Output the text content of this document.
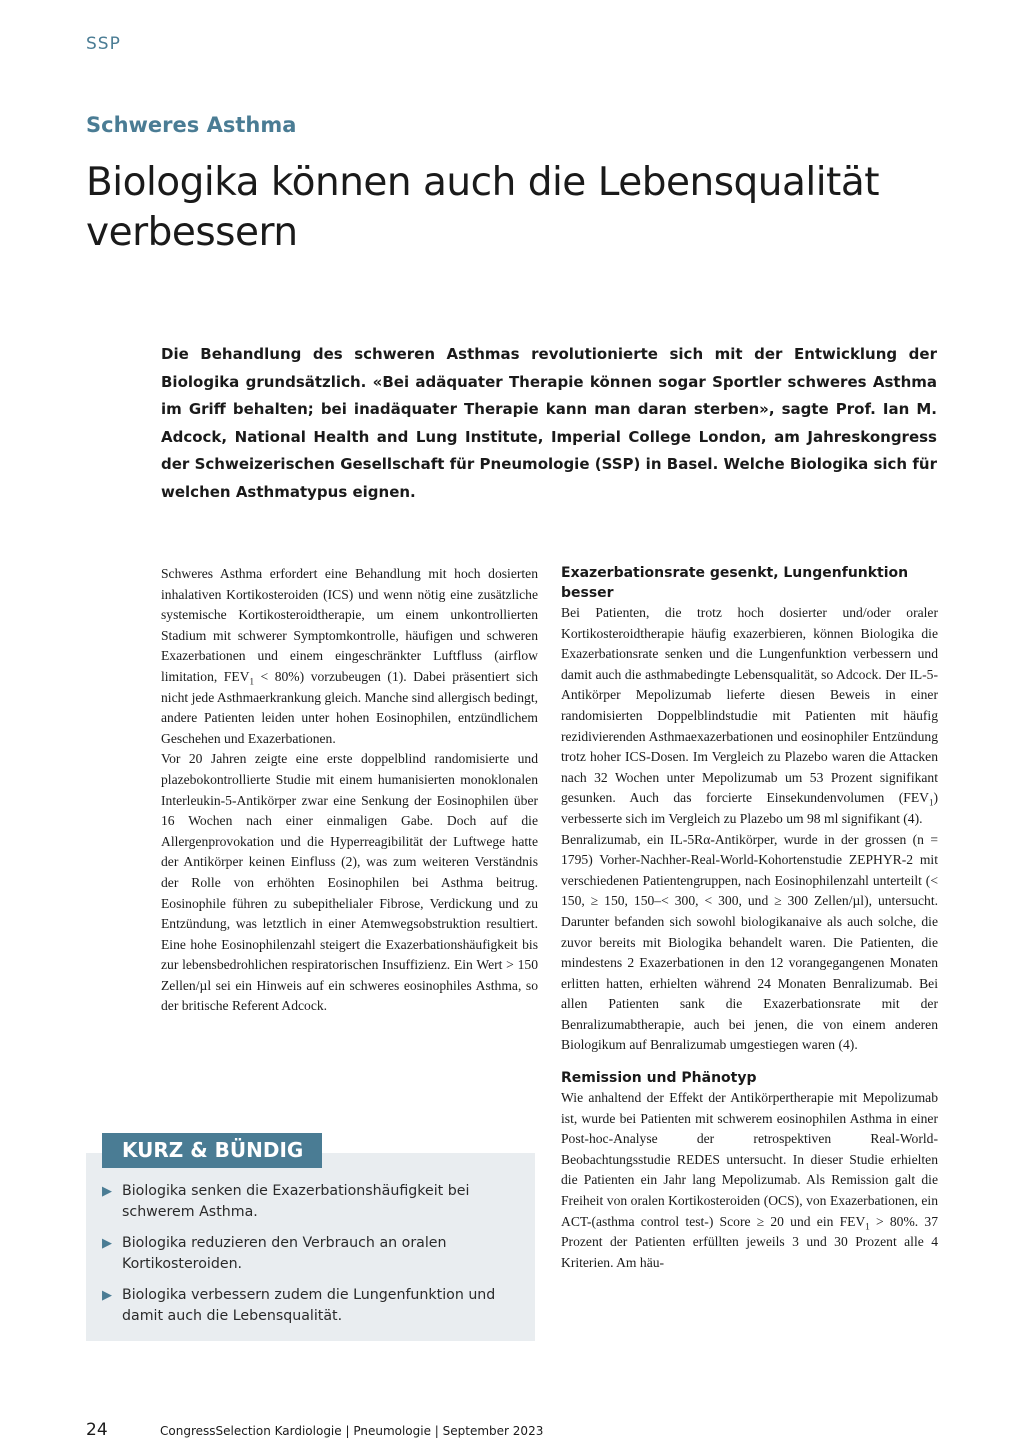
SSP
Schweres Asthma
Biologika können auch die Lebensqualität verbessern

Die Behandlung des schweren Asthmas revolutionierte sich mit der Entwicklung der Biologika grundsätzlich. «Bei adäquater Therapie können sogar Sportler schweres Asthma im Griff behalten; bei inadäquater Therapie kann man daran sterben», sagte Prof. Ian M. Adcock, National Health and Lung Institute, Imperial College London, am Jahreskongress der Schweizerischen Gesellschaft für Pneumologie (SSP) in Basel. Welche Biologika sich für welchen Asthmatypus eignen.

Schweres Asthma erfordert eine Behandlung mit hoch dosierten inhalativen Kortikosteroiden (ICS) und wenn nötig eine zusätzliche systemische Kortikosteroidtherapie, um einem unkontrollierten Stadium mit schwerer Symptomkontrolle, häufigen und schweren Exazerbationen und einem eingeschränkter Luftfluss (airflow limitation, $FEV_1 < 80\%$) vorzubeugen (1). Dabei präsentiert sich nicht jede Asthmaerkrankung gleich. Manche sind allergisch bedingt, andere Patienten leiden unter hohen Eosinophilen, entzündlichem Geschehen und Exazerbationen.

Vor 20 Jahren zeigte eine erste doppelblind randomisierte und plazebokontrollierte Studie mit einem humanisierten monoklonalen Interleukin-5-Antikörper zwar eine Senkung der Eosinophilen über 16 Wochen nach einer einmaligen Gabe. Doch auf die Allergenprovokation und die Hyperreagibilität der Luftwege hatte der Antikörper keinen Einfluss (2), was zum weiteren Verständnis der Rolle von erhöhten Eosinophilen bei Asthma beitrug. Eosinophile führen zu subepithelialer Fibrose, Verdickung und zu Entzündung, was letztlich in einer Atemwegsobstruktion resultiert. Eine hohe Eosinophilenzahl steigert die Exazerbationshäufigkeit bis zur lebensbedrohlichen respiratorischen Insuffizienz. Ein Wert > 150 Zellen/µl sei ein Hinweis auf ein schweres eosinophiles Asthma, so der britische Referent Adcock.

Exazerbationsrate gesenkt, Lungenfunktion besser

Bei Patienten, die trotz hoch dosierter und/oder oraler Kortikosteroidtherapie häufig exazerbieren, können Biologika die Exazerbationsrate senken und die Lungenfunktion verbessern und damit auch die asthmabedingte Lebensqualität, so Adcock. Der IL-5-Antikörper Mepolizumab lieferte diesen Beweis in einer randomisierten Doppelblindstudie mit Patienten mit häufig rezidivierenden Asthmaexazerbationen und eosinophiler Entzündung trotz hoher ICS-Dosen. Im Vergleich zu Plazebo waren die Attacken nach 32 Wochen unter Mepolizumab um 53 Prozent signifikant gesunken. Auch das forcierte Einsekundenvolumen $(FEV_1)$ verbesserte sich im Vergleich zu Plazebo um 98 ml signifikant (4).

Benralizumab, ein IL-5Rα-Antikörper, wurde in der grossen (n = 1795) Vorher-Nachher-Real-World-Kohortenstudie ZEPHYR-2 mit verschiedenen Patientengruppen, nach Eosinophilenzahl unterteilt (< 150, ≥ 150, 150–< 300, < 300, und ≥ 300 Zellen/µl), untersucht. Darunter befanden sich sowohl biologikanaive als auch solche, die zuvor bereits mit Biologika behandelt waren. Die Patienten, die mindestens 2 Exazerbationen in den 12 vorangegangenen Monaten erlitten hatten, erhielten während 24 Monaten Benralizumab. Bei allen Patienten sank die Exazerbationsrate mit der Benralizumabtherapie, auch bei jenen, die von einem anderen Biologikum auf Benralizumab umgestiegen waren (4).

Remission und Phänotyp

Wie anhaltend der Effekt der Antikörpertherapie mit Mepolizumab ist, wurde bei Patienten mit schwerem eosinophilen Asthma in einer Post-hoc-Analyse der retrospektiven Real-World-Beobachtungsstudie REDES untersucht. In dieser Studie erhielten die Patienten ein Jahr lang Mepolizumab. Als Remission galt die Freiheit von oralen Kortikosteroiden (OCS), von Exazerbationen, ein ACT-(asthma control test-) Score ≥ 20 und ein $FEV_1 > 80\%$. 37 Prozent der Patienten erfüllten jeweils 3 und 30 Prozent alle 4 Kriterien. Am häu-

KURZ & BÜNDIG
▶ Biologika senken die Exazerbationshäufigkeit bei schwerem Asthma.
▶ Biologika reduzieren den Verbrauch an oralen Kortikosteroiden.
▶ Biologika verbessern zudem die Lungenfunktion und damit auch die Lebensqualität.
24	CongressSelection Kardiologie | Pneumologie | September 2023
